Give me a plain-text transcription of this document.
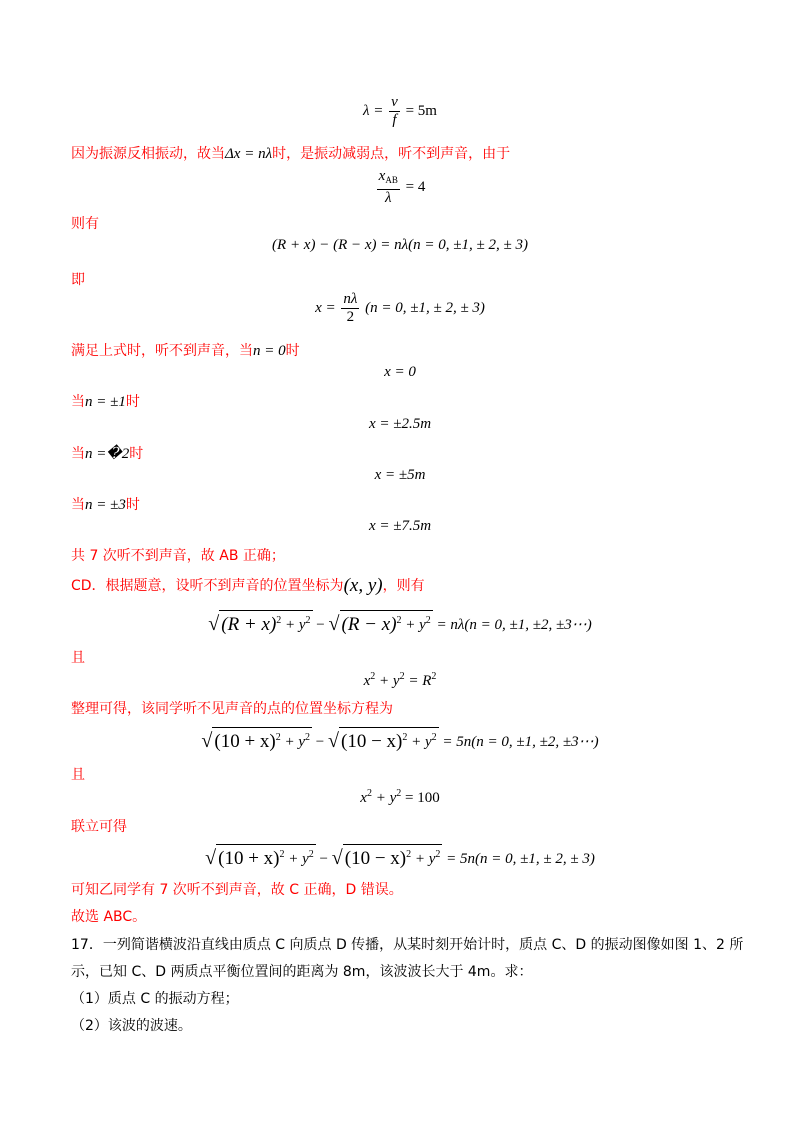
$\lambda = \frac{v}{f} = 5m$
因为振源反相振动，故当Δx = nλ时，是振动减弱点，听不到声音，由于
$\frac{x_{AB}}{\lambda} = 4$
则有
(R + x) − (R − x) = nλ(n = 0, ±1, ± 2, ± 3)
即
$x = \frac{n\lambda}{2} (n = 0$, ±1, ± 2, ± 3)
满足上式时，听不到声音，当n = 0时
x = 0
当n = ±1时
x = ±2.5m
当n =�2时
x = ±5m
当n = ±3时
x = ±7.5m
共 7 次听不到声音，故 AB 正确；
CD．根据题意，设听不到声音的位置坐标为(x, y)，则有
√ $(R + x)^2 + y^2$ − √ $(R - x)^2 + y^2 = n\lambda(n = 0$, ±1, ±2, ±3⋯)
且
$x^2 + y^2 = R^2$
整理可得，该同学听不见声音的点的位置坐标方程为
√ $(10 + x)^2 + y^2$ − √ $(10 - x)^2 + y^2 = 5n(n = 0$, ±1, ±2, ±3⋯)
且
$x^2 + y^2 = 100$
联立可得
√ $(10 + x)^2 + y^2$ − √ $(10 - x)^2 + y^2 = 5n(n = 0$, ±1, ± 2, ± 3)
可知乙同学有 7 次听不到声音，故 C 正确，D 错误。
故选 ABC。
17．一列简谐横波沿直线由质点 C 向质点 D 传播，从某时刻开始计时，质点 C、D 的振动图像如图 1、2 所
示，已知 C、D 两质点平衡位置间的距离为 8m，该波波长大于 4m。求：
（1）质点 C 的振动方程；
（2）该波的波速。
